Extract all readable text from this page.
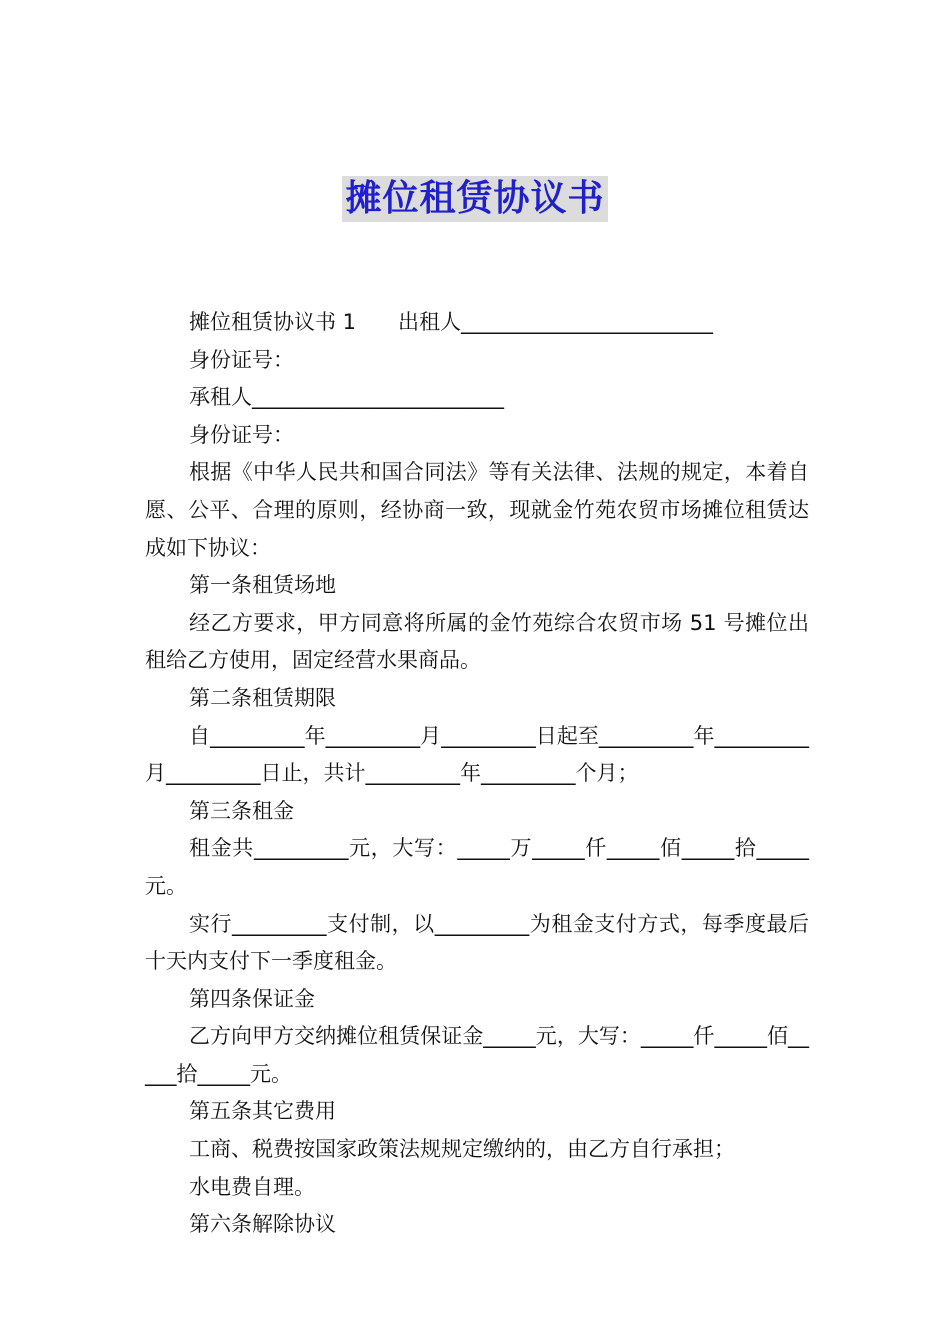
摊位租赁协议书

摊位租赁协议书 1　　出租人________________________

身份证号：

承租人________________________

身份证号：

根据《中华人民共和国合同法》等有关法律、法规的规定，本着自愿、公平、合理的原则，经协商一致，现就金竹苑农贸市场摊位租赁达成如下协议：

第一条租赁场地

经乙方要求，甲方同意将所属的金竹苑综合农贸市场 51 号摊位出租给乙方使用，固定经营水果商品。

第二条租赁期限

自_________年_________月_________日起至_________年_________月_________日止，共计_________年_________个月；

第三条租金

租金共_________元，大写：_____万_____仟_____佰_____拾_____元。

实行_________支付制，以_________为租金支付方式，每季度最后十天内支付下一季度租金。

第四条保证金

乙方向甲方交纳摊位租赁保证金_____元，大写：_____仟_____佰_____拾_____元。

第五条其它费用

工商、税费按国家政策法规规定缴纳的，由乙方自行承担；

水电费自理。

第六条解除协议
